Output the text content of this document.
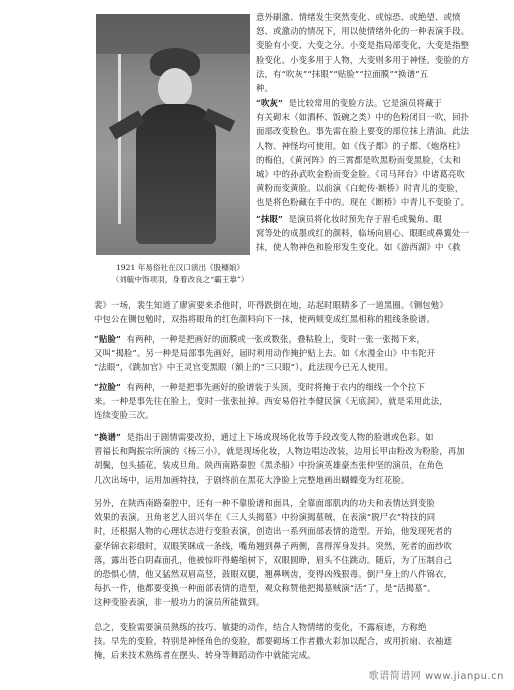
1921 年易俗社在汉口演出《股穗娘》
（刘毓中饰项羽，身着改良之“霸王靠”）
意外刷激、情绪发生突然变化、或惊恐、或绝望、或愤
怒、或激动的情况下，用以使情绪外化的一种表演手段。
变脸有小变、大变之分。小变是指局部变化，大变是指整
脸变化。小变多用于人物，大变则多用于神怪。变脸的方
法，有“吹灰”“抹眼”“贴脸”“拉面膜”“换谱”五
种。
“吹灰” 是比较常用的变脸方法。它是演员将藏于
有关砌末（如酒杯、饭碗之类）中的色粉闭目一吹，回扑
面部改变脸色。事先需在脸上要变的部位抹上清油。此法
人物、神怪均可使用。如《伐子都》的子都、《炮烙柱》
的梅伯，《黄河阵》的三霄都是吹黑粉而变黑脸，《太和
城》中的孙武吹金粉而变金脸。《司马拜台》中诸葛亮吹
黄粉而变黄脸。以前演《白蛇传·断桥》时青儿的变脸，
也是将色粉藏在手中的。现在《断桥》中青儿不变脸了。
“抹眼” 是演员将化妆时预先存于眉毛或鬓角、眼
窝等处的成墨或红的颜料，临场向眉心、眼眶或鼻翼处一
抹，使人物神色和脸形发生变化。如《游西湖》中《救
裴》一场，裴生知道了廖寅要来杀他时，吓得跌倒在地，站起时眼睛多了一道黑圈。《铡包勉》
中包公在铡包勉时，双指将眼角的红色颜料向下一抹，使两颊变成红黑相称的粗线条脸谱。
“贴脸” 有两种，一种是把画好的面膜或一张或数张，叠粘脸上，变时一张一张揭下来，
又叫“揭脸”。另一种是局部事先画好，届时利用动作掩护贴上去。如《水漫金山》中韦陀开
“法眼”，《跳加官》中王灵官变黑眼（额上的“三只眼”）。此法现今已无人使用。
“拉脸” 有两种，一种是把事先画好的脸谱装于头顶，变时将掩于衣内的细线一个个拉下
来。一种是事先往在脸上，变时一张张扯掉。西安易俗社李健民演《无底洞》，就是采用此法，
连续变脸三次。
“换谱” 是指出于剧情需要改扮，通过上下场或现场化妆等手段改变人物的脸谱或色彩。如
晋福长和陶振宗所演的《杨三小》，就是现场化妆，人物边唱边改装，边用长甲由粉改为粉脸，再加
胡鬓，包头插花，装成旦角。陕西南路秦腔《黑杀船》中扮演英雄豪杰张仲坚的演员，在角色
几次出场中，运用加画特技，于剧终前在黑花大净脸上完整地画出蝴蝶变为红花脸。
另外，在陕西南路秦腔中，还有一种不靠脸谱和面具，全靠面部肌肉的功夫和表情达到变脸
效果的表演。丑角老艺人田兴华在《三人头揭墓》中扮演揭墓贼，在表演“脱尸衣”特技的同
时，还根据人物的心理状态进行变脸表演，创造出一系列面部表情的造型。开始，他发现死者的
豪华锦衣彩缎时，双眼笑眯成一条线，嘴角翘到鼻子两侧，喜得浑身发抖。突然，死者的面纱吹
落，露出苍白阴森面孔，他被惊吓得蜷缩树下，双眼圆睁，眉头不住跳动。随后，为了压制自己
的恐惧心情，他又猛然双眉高竖，鼓眼双腿，翘鼻咧齿，变得凶残狠毒。倒尸身上的八件锦衣，
每扒一件，他都要变换一种面部表情的造型，观众称赞他把揭墓贼演“活”了，是“活揭墓”。
这种变脸表演，非一般功力的演员所能做到。
总之，变脸需要演员熟练的技巧、敏捷的动作，结合人物情绪的变化，不露痕迹，方称绝
技。早先的变脸，特别是神怪角色的变脸，都要砌场工作者撒火彩加以配合，或用折扇、衣袖遮
掩，后来技术熟练者在摆头、转身等舞蹈动作中就能完成。
歌谱简谱网 www.jianpu.cn
